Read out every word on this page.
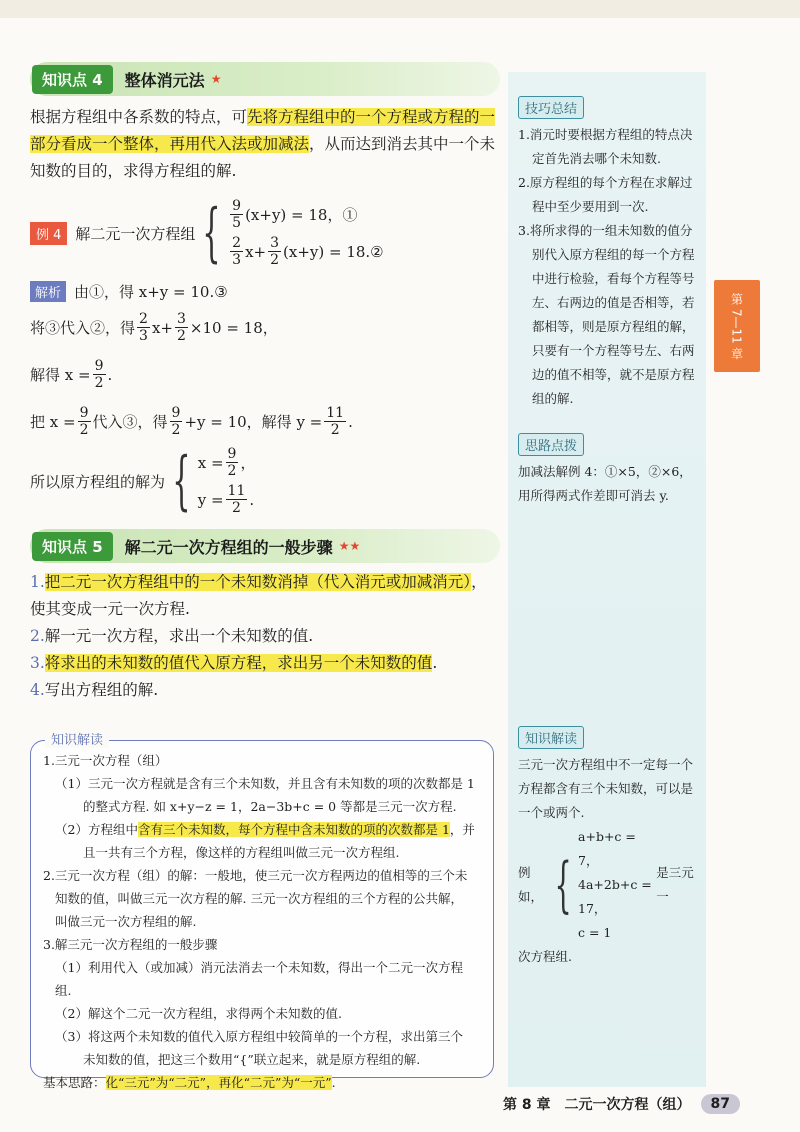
知识点 4	整体消元法 ★

根据方程组中各系数的特点，可先将方程组中的一个方程或方程的一部分看成一个整体，再用代入法或加减法，从而达到消去其中一个未知数的目的，求得方程组的解.

例 4 解二元一次方程组 { $\frac{9}{5} (x+y) = 18$，①
$\frac{2}{3} x+ \frac{3}{2} (x+y)$ = 18.②
解析 由①，得 x+y = 10.③
将③代入②，得 $\frac{2}{3} x+ \frac{3}{2} \times 10 = 18$，
解得 $x = \frac{9}{2}$ .
把 $x = \frac{9}{2}$ 代入③，得 $\frac{9}{2} +y = 10$，解得 $y = \frac{11}{2}$ .
所以原方程组的解为 { $x = \frac{9}{2}$ ，
$y = \frac{11}{2}$ .
知识点 5	解二元一次方程组的一般步骤 ★★
1.把二元一次方程组中的一个未知数消掉（代入消元或加减消元），使其变成一元一次方程.
2.解一元一次方程，求出一个未知数的值.
3.将求出的未知数的值代入原方程，求出另一个未知数的值.
4.写出方程组的解.
知识解读
1.三元一次方程（组）
（1）三元一次方程就是含有三个未知数，并且含有未知数的项的次数都是 1
的整式方程. 如 x+y−z = 1，2a−3b+c = 0 等都是三元一次方程.
（2）方程组中含有三个未知数，每个方程中含未知数的项的次数都是 1，并
且一共有三个方程，像这样的方程组叫做三元一次方程组.
2.三元一次方程（组）的解：一般地，使三元一次方程两边的值相等的三个未
知数的值，叫做三元一次方程的解. 三元一次方程组的三个方程的公共解，
叫做三元一次方程组的解.
3.解三元一次方程组的一般步骤
（1）利用代入（或加减）消元法消去一个未知数，得出一个二元一次方程组.
（2）解这个二元一次方程组，求得两个未知数的值.
（3）将这两个未知数的值代入原方程组中较简单的一个方程，求出第三个
未知数的值，把这三个数用“{”联立起来，就是原方程组的解.
基本思路：化“三元”为“二元”，再化“二元”为“一元”.
技巧总结
1.消元时要根据方程组的特点决定首先消去哪个未知数.
2.原方程组的每个方程在求解过程中至少要用到一次.
3.将所求得的一组未知数的值分别代入原方程组的每一个方程中进行检验，看每个方程等号左、右两边的值是否相等，若都相等，则是原方程组的解，只要有一个方程等号左、右两边的值不相等，就不是原方程组的解.
思路点拨
加减法解例 4：①×5，②×6，用所得两式作差即可消去 y.
知识解读
三元一次方程组中不一定每一个方程都含有三个未知数，可以是一个或两个.
例如， {
a+b+c = 7，
4a+2b+c = 17，
c = 1
是三元一
次方程组.
第 7—11 章
第 8 章　二元一次方程（组）	87
